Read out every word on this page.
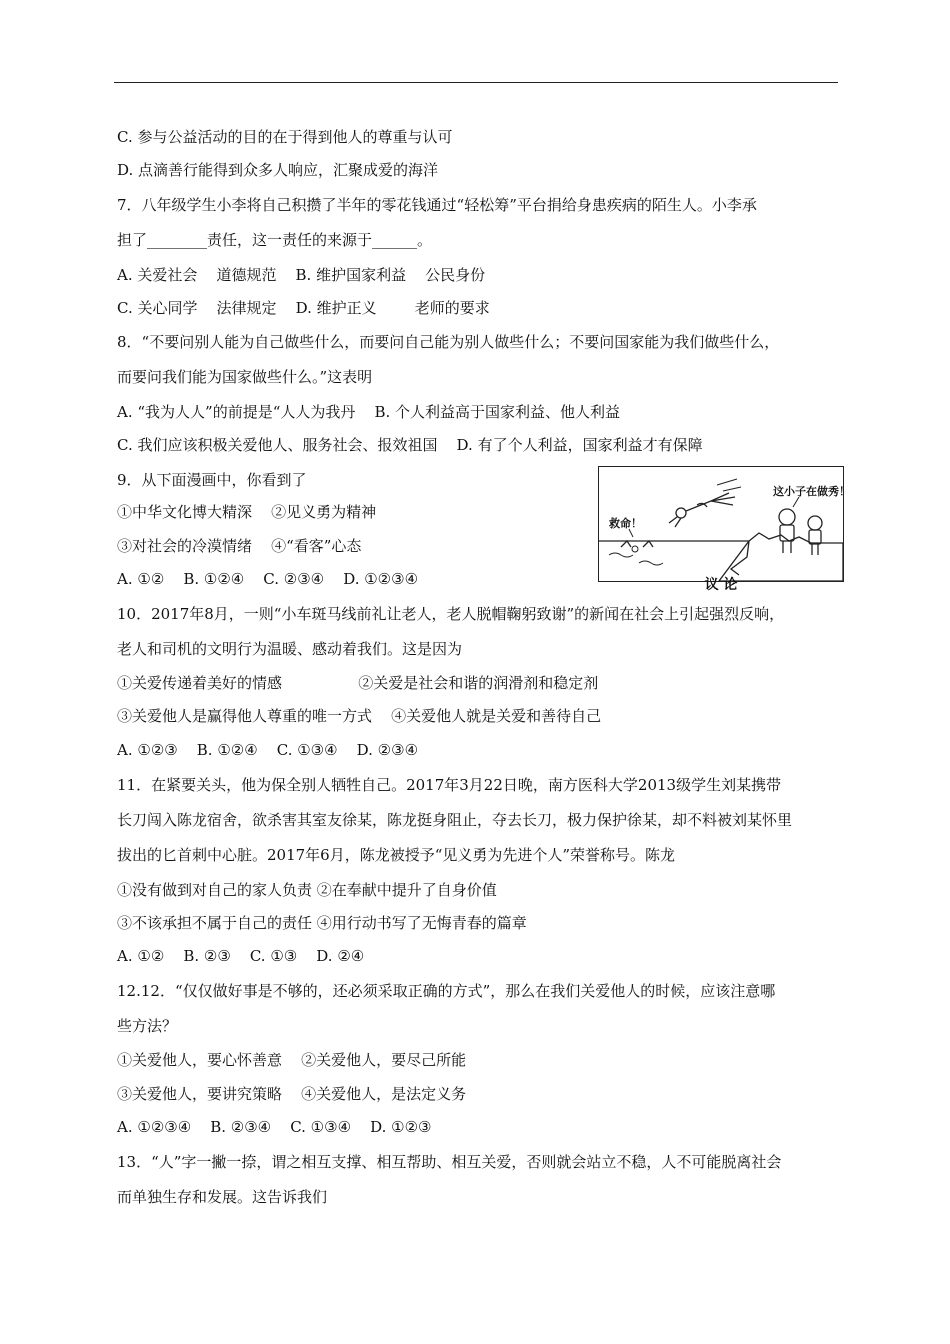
C. 参与公益活动的目的在于得到他人的尊重与认可
D. 点滴善行能得到众多人响应，汇聚成爱的海洋
7．八年级学生小李将自己积攒了半年的零花钱通过“轻松筹”平台捐给身患疾病的陌生人。小李承
担了________责任，这一责任的来源于______。
A. 关爱社会    道德规范    B. 维护国家利益    公民身份
C. 关心同学    法律规定    D. 维护正义        老师的要求
8．“不要问别人能为自己做些什么，而要问自己能为别人做些什么；不要问国家能为我们做些什么，
而要问我们能为国家做些什么。”这表明
A. “我为人人”的前提是“人人为我丹    B. 个人利益高于国家利益、他人利益
C. 我们应该积极关爱他人、服务社会、报效祖国    D. 有了个人利益，国家利益才有保障
9．从下面漫画中，你看到了
①中华文化博大精深    ②见义勇为精神
③对社会的冷漠情绪    ④“看客”心态
A. ①②    B. ①②④    C. ②③④    D. ①②③④
10．2017年8月，一则“小车斑马线前礼让老人，老人脱帽鞠躬致谢”的新闻在社会上引起强烈反响，
老人和司机的文明行为温暖、感动着我们。这是因为
①关爱传递着美好的情感                ②关爱是社会和谐的润滑剂和稳定剂
③关爱他人是赢得他人尊重的唯一方式    ④关爱他人就是关爱和善待自己
A. ①②③    B. ①②④    C. ①③④    D. ②③④
11．在紧要关头，他为保全别人牺牲自己。2017年3月22日晚，南方医科大学2013级学生刘某携带
长刀闯入陈龙宿舍，欲杀害其室友徐某，陈龙挺身阻止，夺去长刀，极力保护徐某，却不料被刘某怀里
拔出的匕首刺中心脏。2017年6月，陈龙被授予“见义勇为先进个人”荣誉称号。陈龙
①没有做到对自己的家人负责 ②在奉献中提升了自身价值
③不该承担不属于自己的责任 ④用行动书写了无悔青春的篇章
A. ①②    B. ②③    C. ①③    D. ②④
12.12．“仅仅做好事是不够的，还必须采取正确的方式”，那么在我们关爱他人的时候，应该注意哪
些方法？
①关爱他人，要心怀善意    ②关爱他人，要尽己所能
③关爱他人，要讲究策略    ④关爱他人，是法定义务
A. ①②③④    B. ②③④    C. ①③④    D. ①②③
13．“人”字一撇一捺，谓之相互支撑、相互帮助、相互关爱，否则就会站立不稳，人不可能脱离社会
而单独生存和发展。这告诉我们
这小子在做秀！
救命！
议 论
